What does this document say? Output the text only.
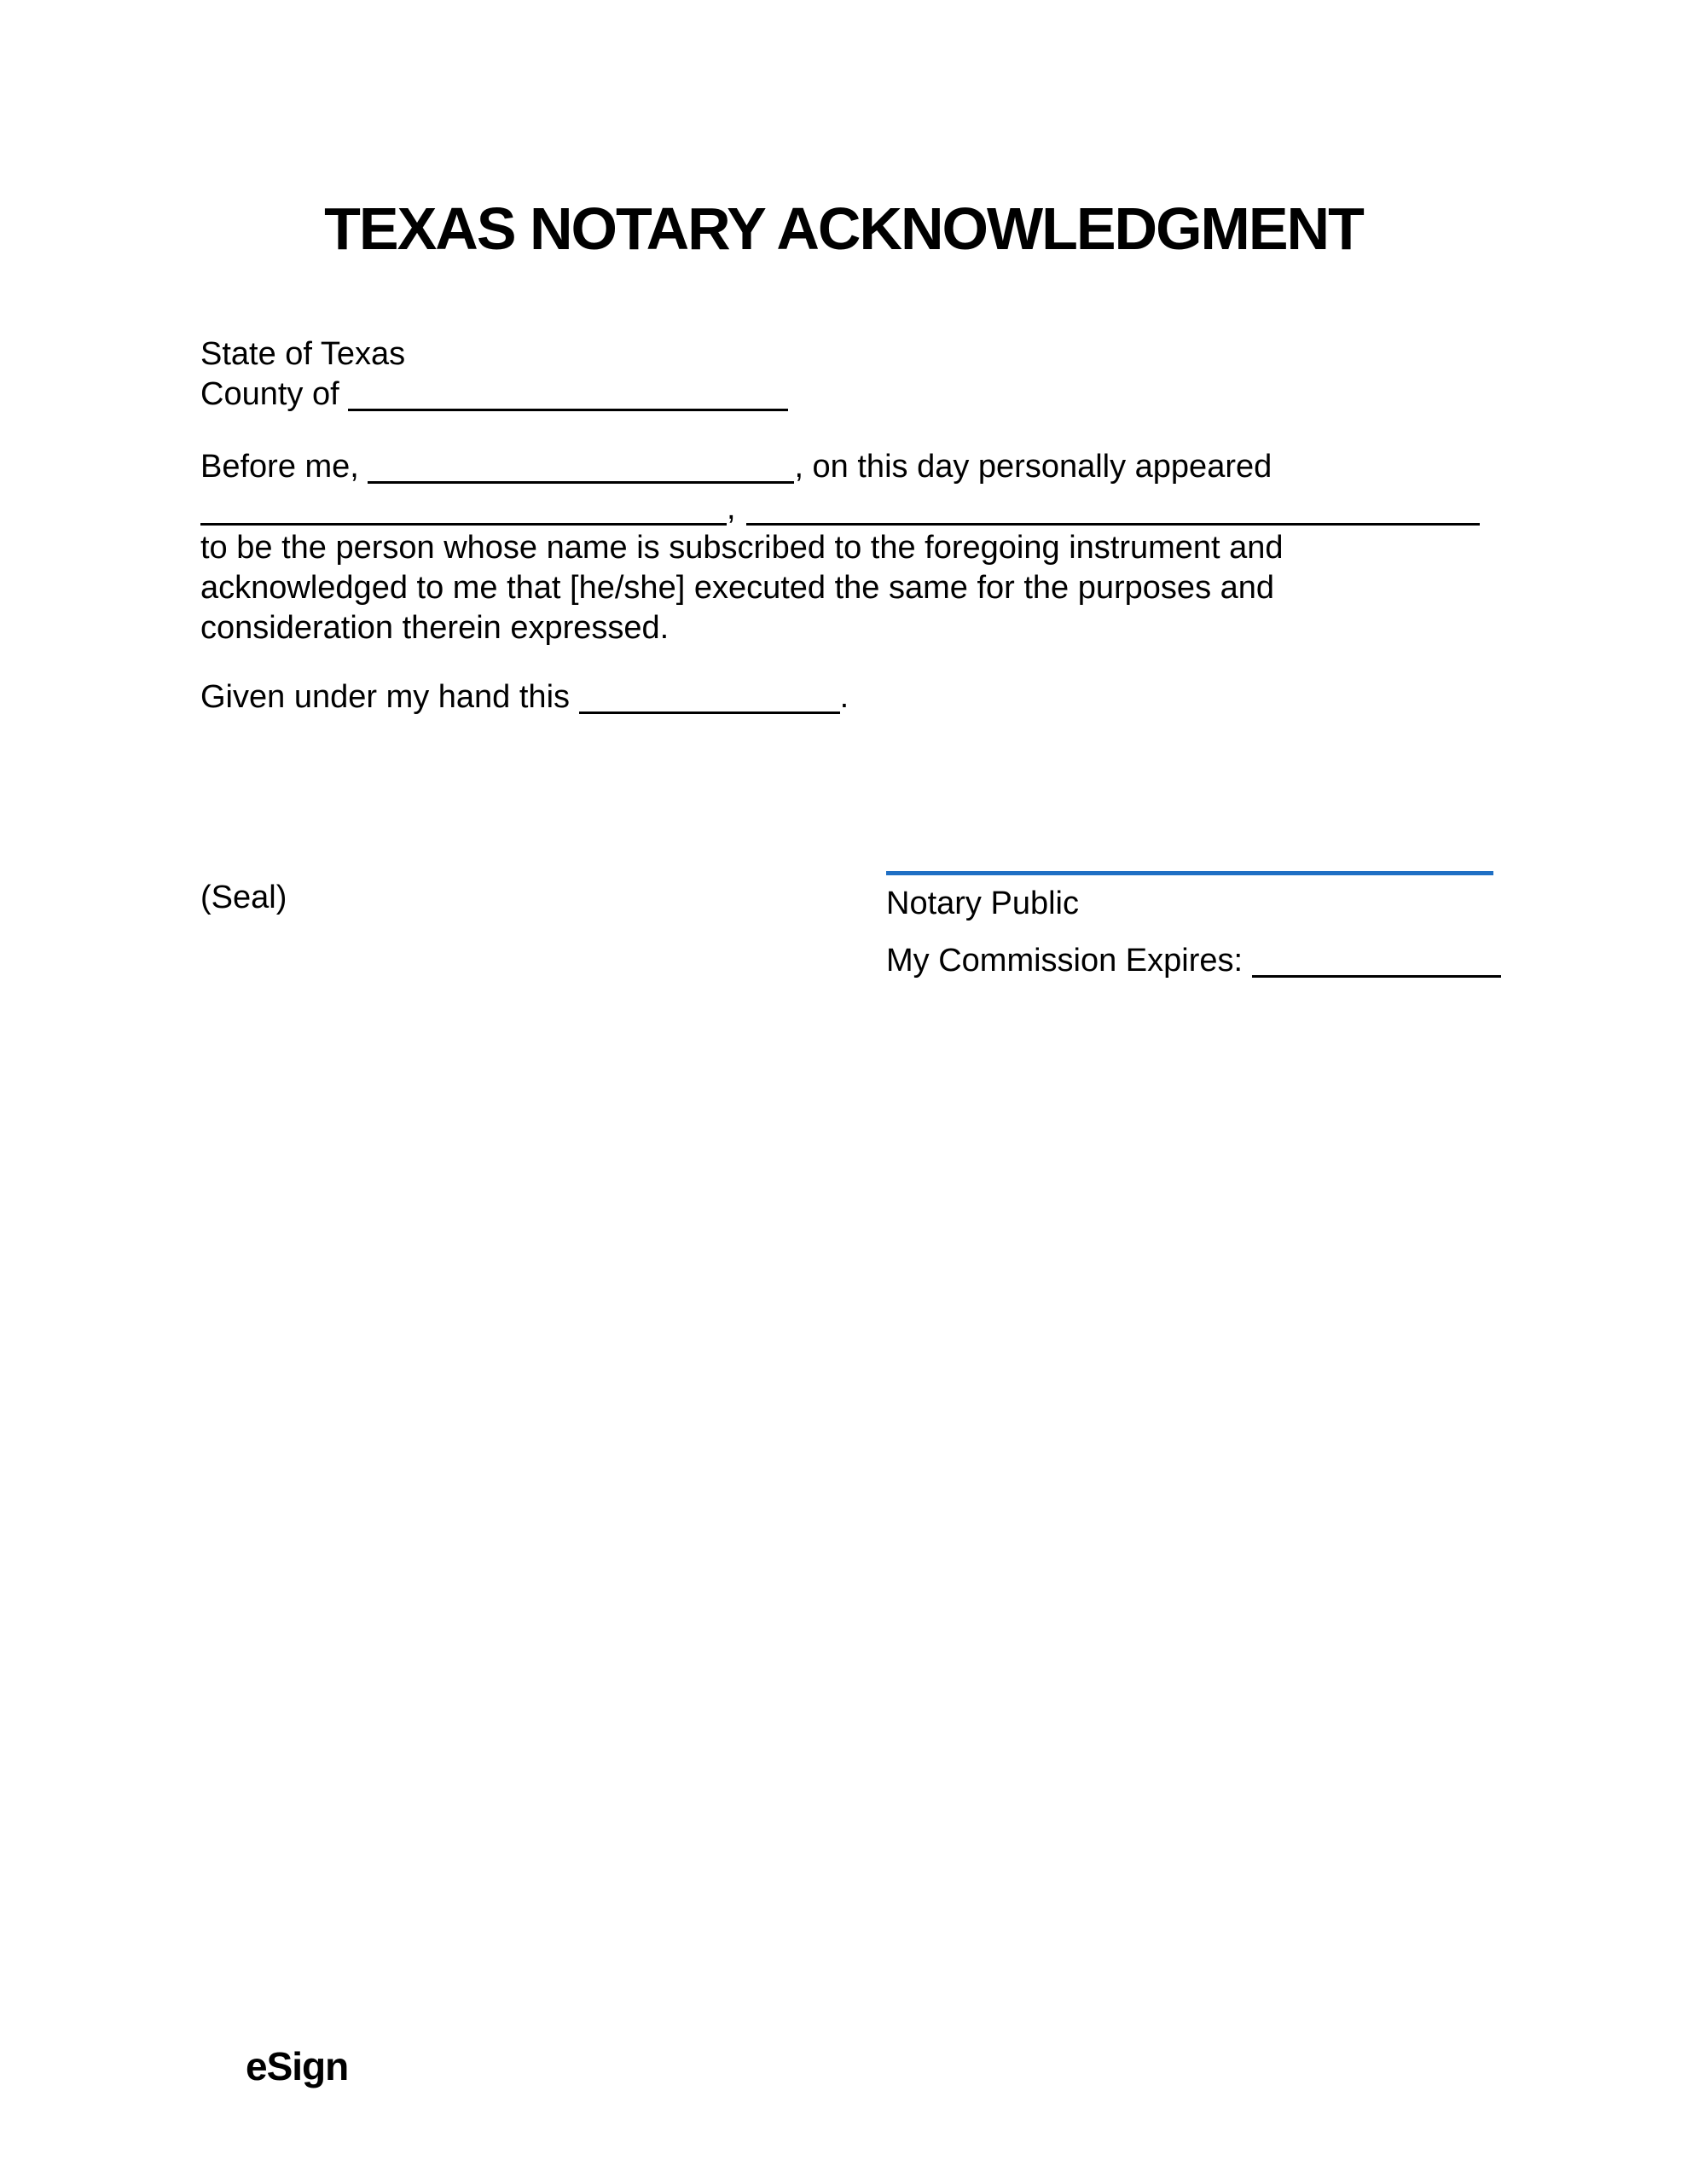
TEXAS NOTARY ACKNOWLEDGMENT
State of Texas
County of
Before me,	, on this day personally appeared
,
to be the person whose name is subscribed to the foregoing instrument and
acknowledged to me that [he/she] executed the same for the purposes and
consideration therein expressed.
Given under my hand this	.
(Seal)	Notary Public
My Commission Expires:
eSign
